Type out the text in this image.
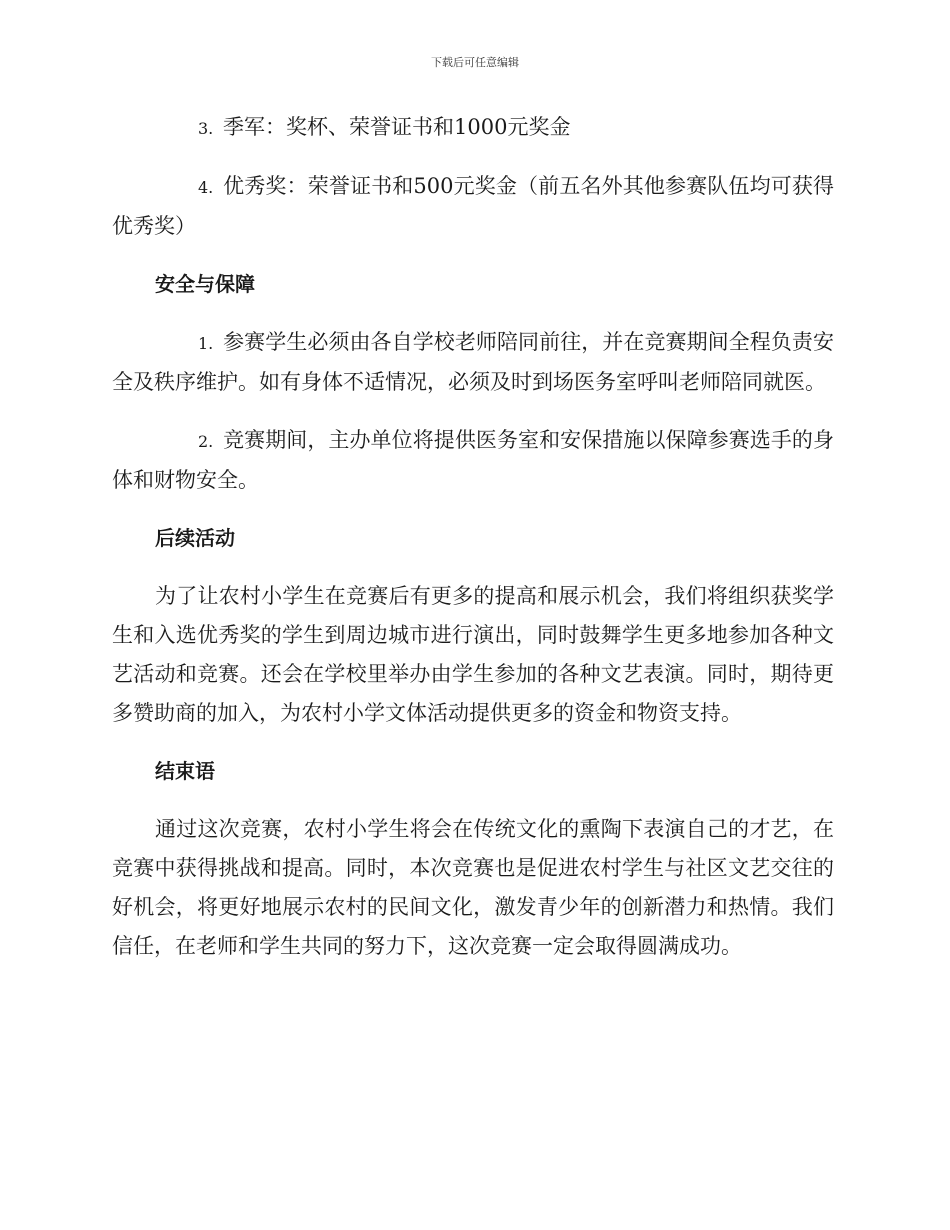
下载后可任意编辑

3. 季军：奖杯、荣誉证书和1000元奖金

4. 优秀奖：荣誉证书和500元奖金（前五名外其他参赛队伍均可获得优秀奖）

安全与保障

1. 参赛学生必须由各自学校老师陪同前往，并在竞赛期间全程负责安全及秩序维护。如有身体不适情况，必须及时到场医务室呼叫老师陪同就医。

2. 竞赛期间，主办单位将提供医务室和安保措施以保障参赛选手的身体和财物安全。

后续活动

为了让农村小学生在竞赛后有更多的提高和展示机会，我们将组织获奖学生和入选优秀奖的学生到周边城市进行演出，同时鼓舞学生更多地参加各种文艺活动和竞赛。还会在学校里举办由学生参加的各种文艺表演。同时，期待更多赞助商的加入，为农村小学文体活动提供更多的资金和物资支持。

结束语

通过这次竞赛，农村小学生将会在传统文化的熏陶下表演自己的才艺，在竞赛中获得挑战和提高。同时，本次竞赛也是促进农村学生与社区文艺交往的好机会，将更好地展示农村的民间文化，激发青少年的创新潜力和热情。我们信任，在老师和学生共同的努力下，这次竞赛一定会取得圆满成功。
